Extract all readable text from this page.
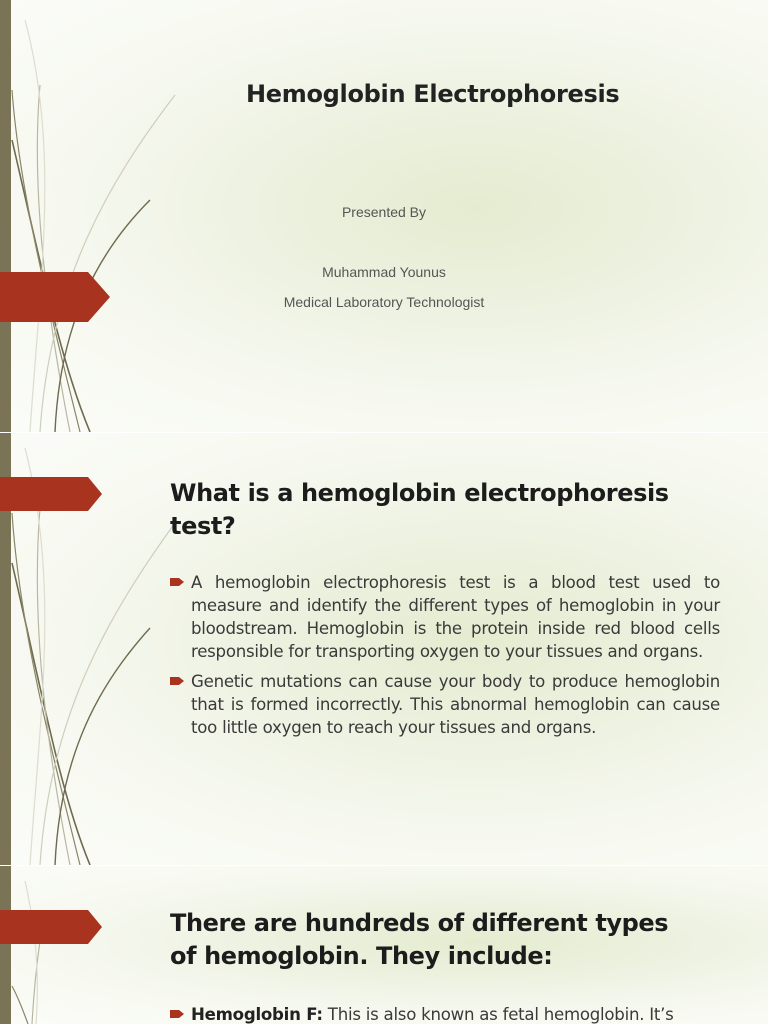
Hemoglobin Electrophoresis
Presented By
Muhammad Younus
Medical Laboratory Technologist
What is a hemoglobin electrophoresis test?
A hemoglobin electrophoresis test is a blood test used to measure and identify the different types of hemoglobin in your bloodstream. Hemoglobin is the protein inside red blood cells responsible for transporting oxygen to your tissues and organs.
Genetic mutations can cause your body to produce hemoglobin that is formed incorrectly. This abnormal hemoglobin can cause too little oxygen to reach your tissues and organs.
There are hundreds of different types of hemoglobin. They include:
Hemoglobin F: This is also known as fetal hemoglobin. It’s
